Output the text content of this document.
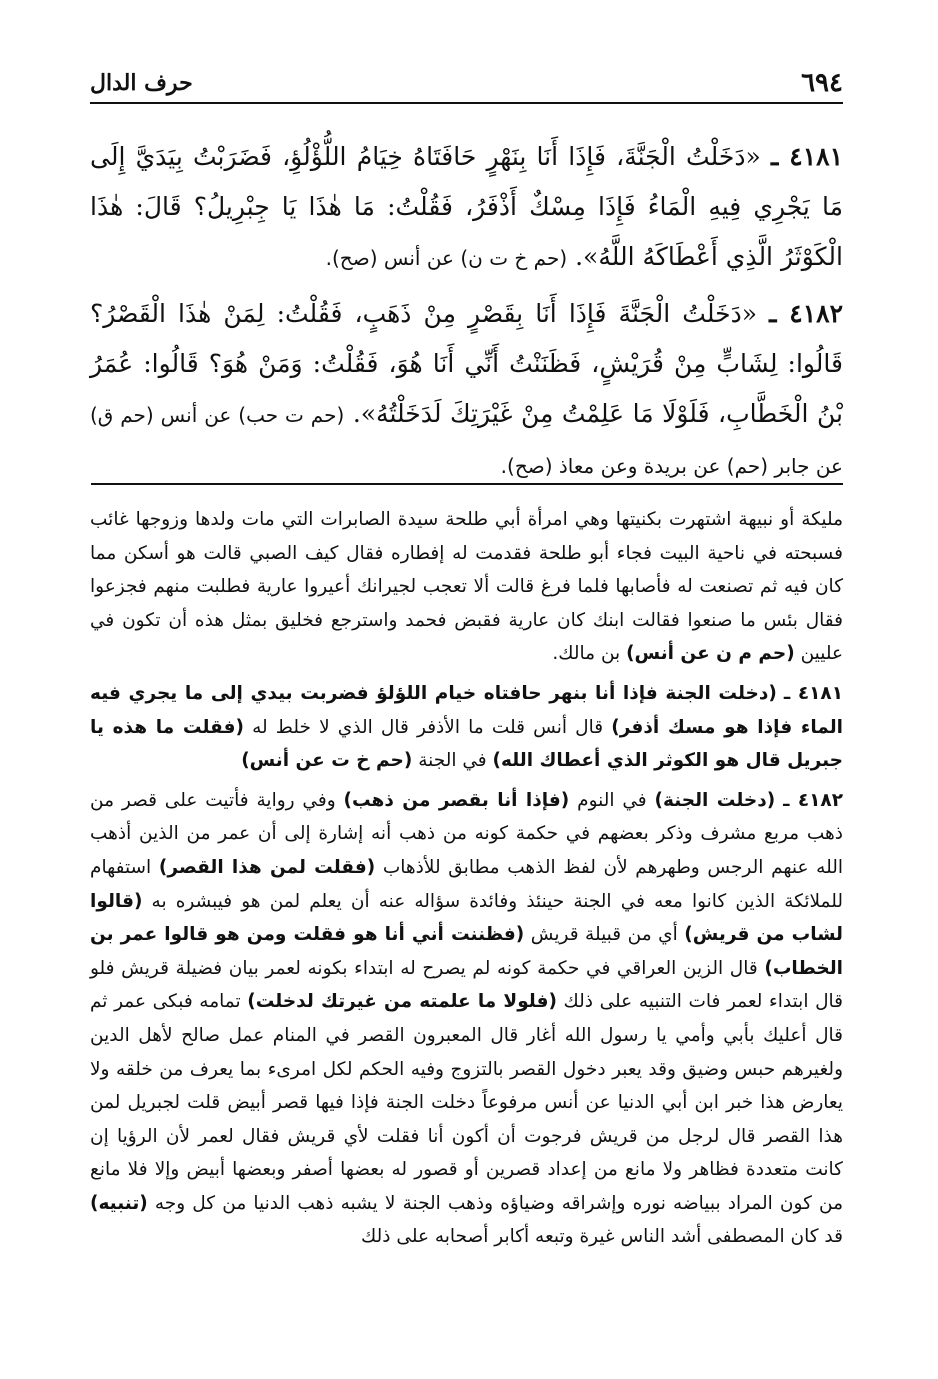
٦٩٤
حرف الدال

٤١٨١ ـ «دَخَلْتُ الْجَنَّةَ، فَإِذَا أَنَا بِنَهْرٍ حَافَتَاهُ خِيَامُ اللُّؤْلُؤِ، فَضَرَبْتُ بِيَدَيَّ إِلَى مَا يَجْرِي فِيهِ الْمَاءُ فَإِذَا مِسْكٌ أَذْفَرُ، فَقُلْتُ: مَا هٰذَا يَا جِبْرِيلُ؟ قَالَ: هٰذَا الْكَوْثَرُ الَّذِي أَعْطَاكَهُ اللَّهُ». (حم خ ت ن) عن أنس (صح).

٤١٨٢ ـ «دَخَلْتُ الْجَنَّةَ فَإِذَا أَنَا بِقَصْرٍ مِنْ ذَهَبٍ، فَقُلْتُ: لِمَنْ هٰذَا الْقَصْرُ؟ قَالُوا: لِشَابٍّ مِنْ قُرَيْشٍ، فَظَنَنْتُ أَنِّي أَنَا هُوَ، فَقُلْتُ: وَمَنْ هُوَ؟ قَالُوا: عُمَرُ بْنُ الْخَطَّابِ، فَلَوْلَا مَا عَلِمْتُ مِنْ غَيْرَتِكَ لَدَخَلْتُهُ». (حم ت حب) عن أنس (حم ق) عن جابر (حم) عن بريدة وعن معاذ (صح).

مليكة أو نبيهة اشتهرت بكنيتها وهي امرأة أبي طلحة سيدة الصابرات التي مات ولدها وزوجها غائب فسبحته في ناحية البيت فجاء أبو طلحة فقدمت له إفطاره فقال كيف الصبي قالت هو أسكن مما كان فيه ثم تصنعت له فأصابها فلما فرغ قالت ألا تعجب لجيرانك أعيروا عارية فطلبت منهم فجزعوا فقال بئس ما صنعوا فقالت ابنك كان عارية فقبض فحمد واسترجع فخليق بمثل هذه أن تكون في عليين (حم م ن عن أنس) بن مالك.

٤١٨١ ـ (دخلت الجنة فإذا أنا بنهر حافتاه خيام اللؤلؤ فضربت بيدي إلى ما يجري فيه الماء فإذا هو مسك أذفر) قال أنس قلت ما الأذفر قال الذي لا خلط له (فقلت ما هذه يا جبريل قال هو الكوثر الذي أعطاك الله) في الجنة (حم خ ت عن أنس)

٤١٨٢ ـ (دخلت الجنة) في النوم (فإذا أنا بقصر من ذهب) وفي رواية فأتيت على قصر من ذهب مربع مشرف وذكر بعضهم في حكمة كونه من ذهب أنه إشارة إلى أن عمر من الذين أذهب الله عنهم الرجس وطهرهم لأن لفظ الذهب مطابق للأذهاب (فقلت لمن هذا القصر) استفهام للملائكة الذين كانوا معه في الجنة حينئذ وفائدة سؤاله عنه أن يعلم لمن هو فيبشره به (قالوا لشاب من قريش) أي من قبيلة قريش (فظننت أني أنا هو فقلت ومن هو قالوا عمر بن الخطاب) قال الزين العراقي في حكمة كونه لم يصرح له ابتداء بكونه لعمر بيان فضيلة قريش فلو قال ابتداء لعمر فات التنبيه على ذلك (فلولا ما علمته من غيرتك لدخلت) تمامه فبكى عمر ثم قال أعليك بأبي وأمي يا رسول الله أغار قال المعبرون القصر في المنام عمل صالح لأهل الدين ولغيرهم حبس وضيق وقد يعبر دخول القصر بالتزوج وفيه الحكم لكل امرىء بما يعرف من خلقه ولا يعارض هذا خبر ابن أبي الدنيا عن أنس مرفوعاً دخلت الجنة فإذا فيها قصر أبيض قلت لجبريل لمن هذا القصر قال لرجل من قريش فرجوت أن أكون أنا فقلت لأي قريش فقال لعمر لأن الرؤيا إن كانت متعددة فظاهر ولا مانع من إعداد قصرين أو قصور له بعضها أصفر وبعضها أبيض وإلا فلا مانع من كون المراد ببياضه نوره وإشراقه وضياؤه وذهب الجنة لا يشبه ذهب الدنيا من كل وجه (تنبيه) قد كان المصطفى أشد الناس غيرة وتبعه أكابر أصحابه على ذلك
